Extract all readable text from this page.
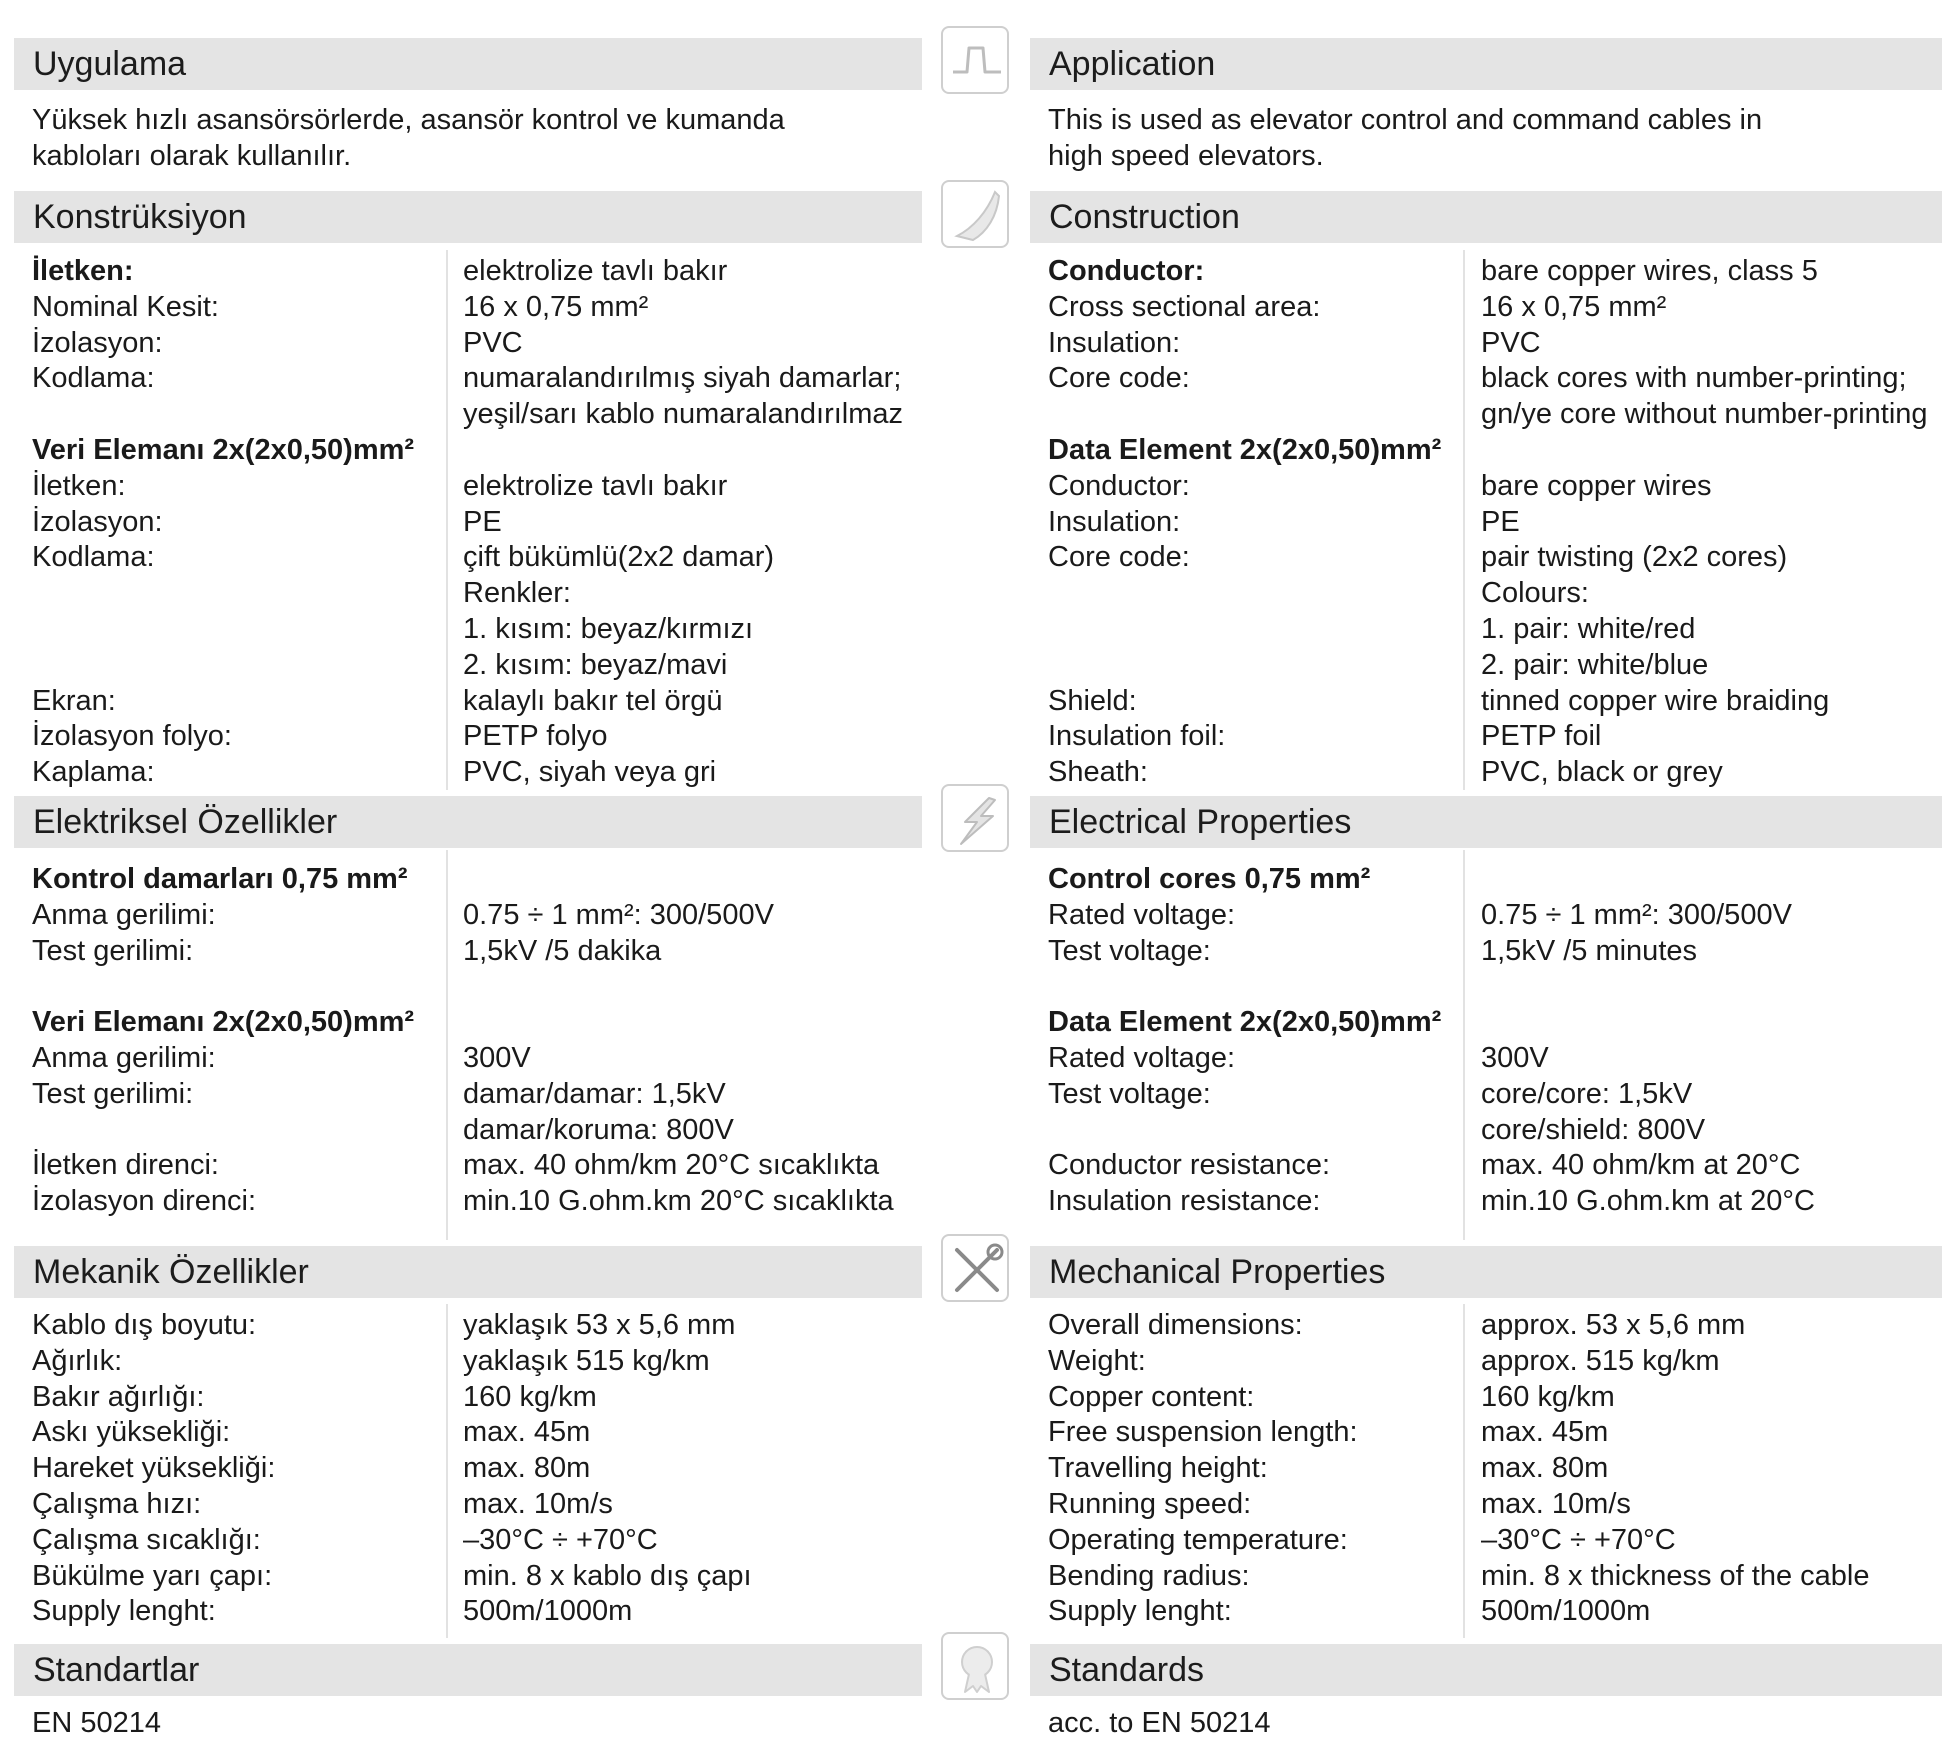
Uygulama	Application
Yüksek hızlı asansörsörlerde, asansör kontrol ve kumanda
kabloları olarak kullanılır.
This is used as elevator control and command cables in
high speed elevators.
Konstrüksiyon	Construction
İletken:	elektrolize tavlı bakır
Nominal Kesit:	16 x 0,75 mm²
İzolasyon:	PVC
Kodlama:	numaralandırılmış siyah damarlar;
yeşil/sarı kablo numaralandırılmaz
Veri Elemanı 2x(2x0,50)mm²
İletken:	elektrolize tavlı bakır
İzolasyon:	PE
Kodlama:	çift bükümlü(2x2 damar)
Renkler:
1. kısım: beyaz/kırmızı
2. kısım: beyaz/mavi
Ekran:	kalaylı bakır tel örgü
İzolasyon folyo:	PETP folyo
Kaplama:	PVC, siyah veya gri
Conductor:	bare copper wires, class 5
Cross sectional area:	16 x 0,75 mm²
Insulation:	PVC
Core code:	black cores with number-printing;
gn/ye core without number-printing
Data Element 2x(2x0,50)mm²
Conductor:	bare copper wires
Insulation:	PE
Core code:	pair twisting (2x2 cores)
Colours:
1. pair: white/red
2. pair: white/blue
Shield:	tinned copper wire braiding
Insulation foil:	PETP foil
Sheath:	PVC, black or grey
Elektriksel Özellikler	Electrical Properties
Kontrol damarları 0,75 mm²
Anma gerilimi:	0.75 ÷ 1 mm²: 300/500V
Test gerilimi:	1,5kV /5 dakika
Veri Elemanı 2x(2x0,50)mm²
Anma gerilimi:	300V
Test gerilimi:	damar/damar: 1,5kV
damar/koruma: 800V
İletken direnci:	max. 40 ohm/km 20°C sıcaklıkta
İzolasyon direnci:	min.10 G.ohm.km 20°C sıcaklıkta
Control cores 0,75 mm²
Rated voltage:	0.75 ÷ 1 mm²: 300/500V
Test voltage:	1,5kV /5 minutes
Data Element 2x(2x0,50)mm²
Rated voltage:	300V
Test voltage:	core/core: 1,5kV
core/shield: 800V
Conductor resistance:	max. 40 ohm/km at 20°C
Insulation resistance:	min.10 G.ohm.km at 20°C
Mekanik Özellikler	Mechanical Properties
Kablo dış boyutu:	yaklaşık 53 x 5,6 mm
Ağırlık:	yaklaşık 515 kg/km
Bakır ağırlığı:	160 kg/km
Askı yüksekliği:	max. 45m
Hareket yüksekliği:	max. 80m
Çalışma hızı:	max. 10m/s
Çalışma sıcaklığı:	–30°C ÷ +70°C
Bükülme yarı çapı:	min. 8 x kablo dış çapı
Supply lenght:	500m/1000m
Overall dimensions:	approx. 53 x 5,6 mm
Weight:	approx. 515 kg/km
Copper content:	160 kg/km
Free suspension length:	max. 45m
Travelling height:	max. 80m
Running speed:	max. 10m/s
Operating temperature:	–30°C ÷ +70°C
Bending radius:	min. 8 x thickness of the cable
Supply lenght:	500m/1000m
Standartlar	Standards
EN 50214	acc. to EN 50214
